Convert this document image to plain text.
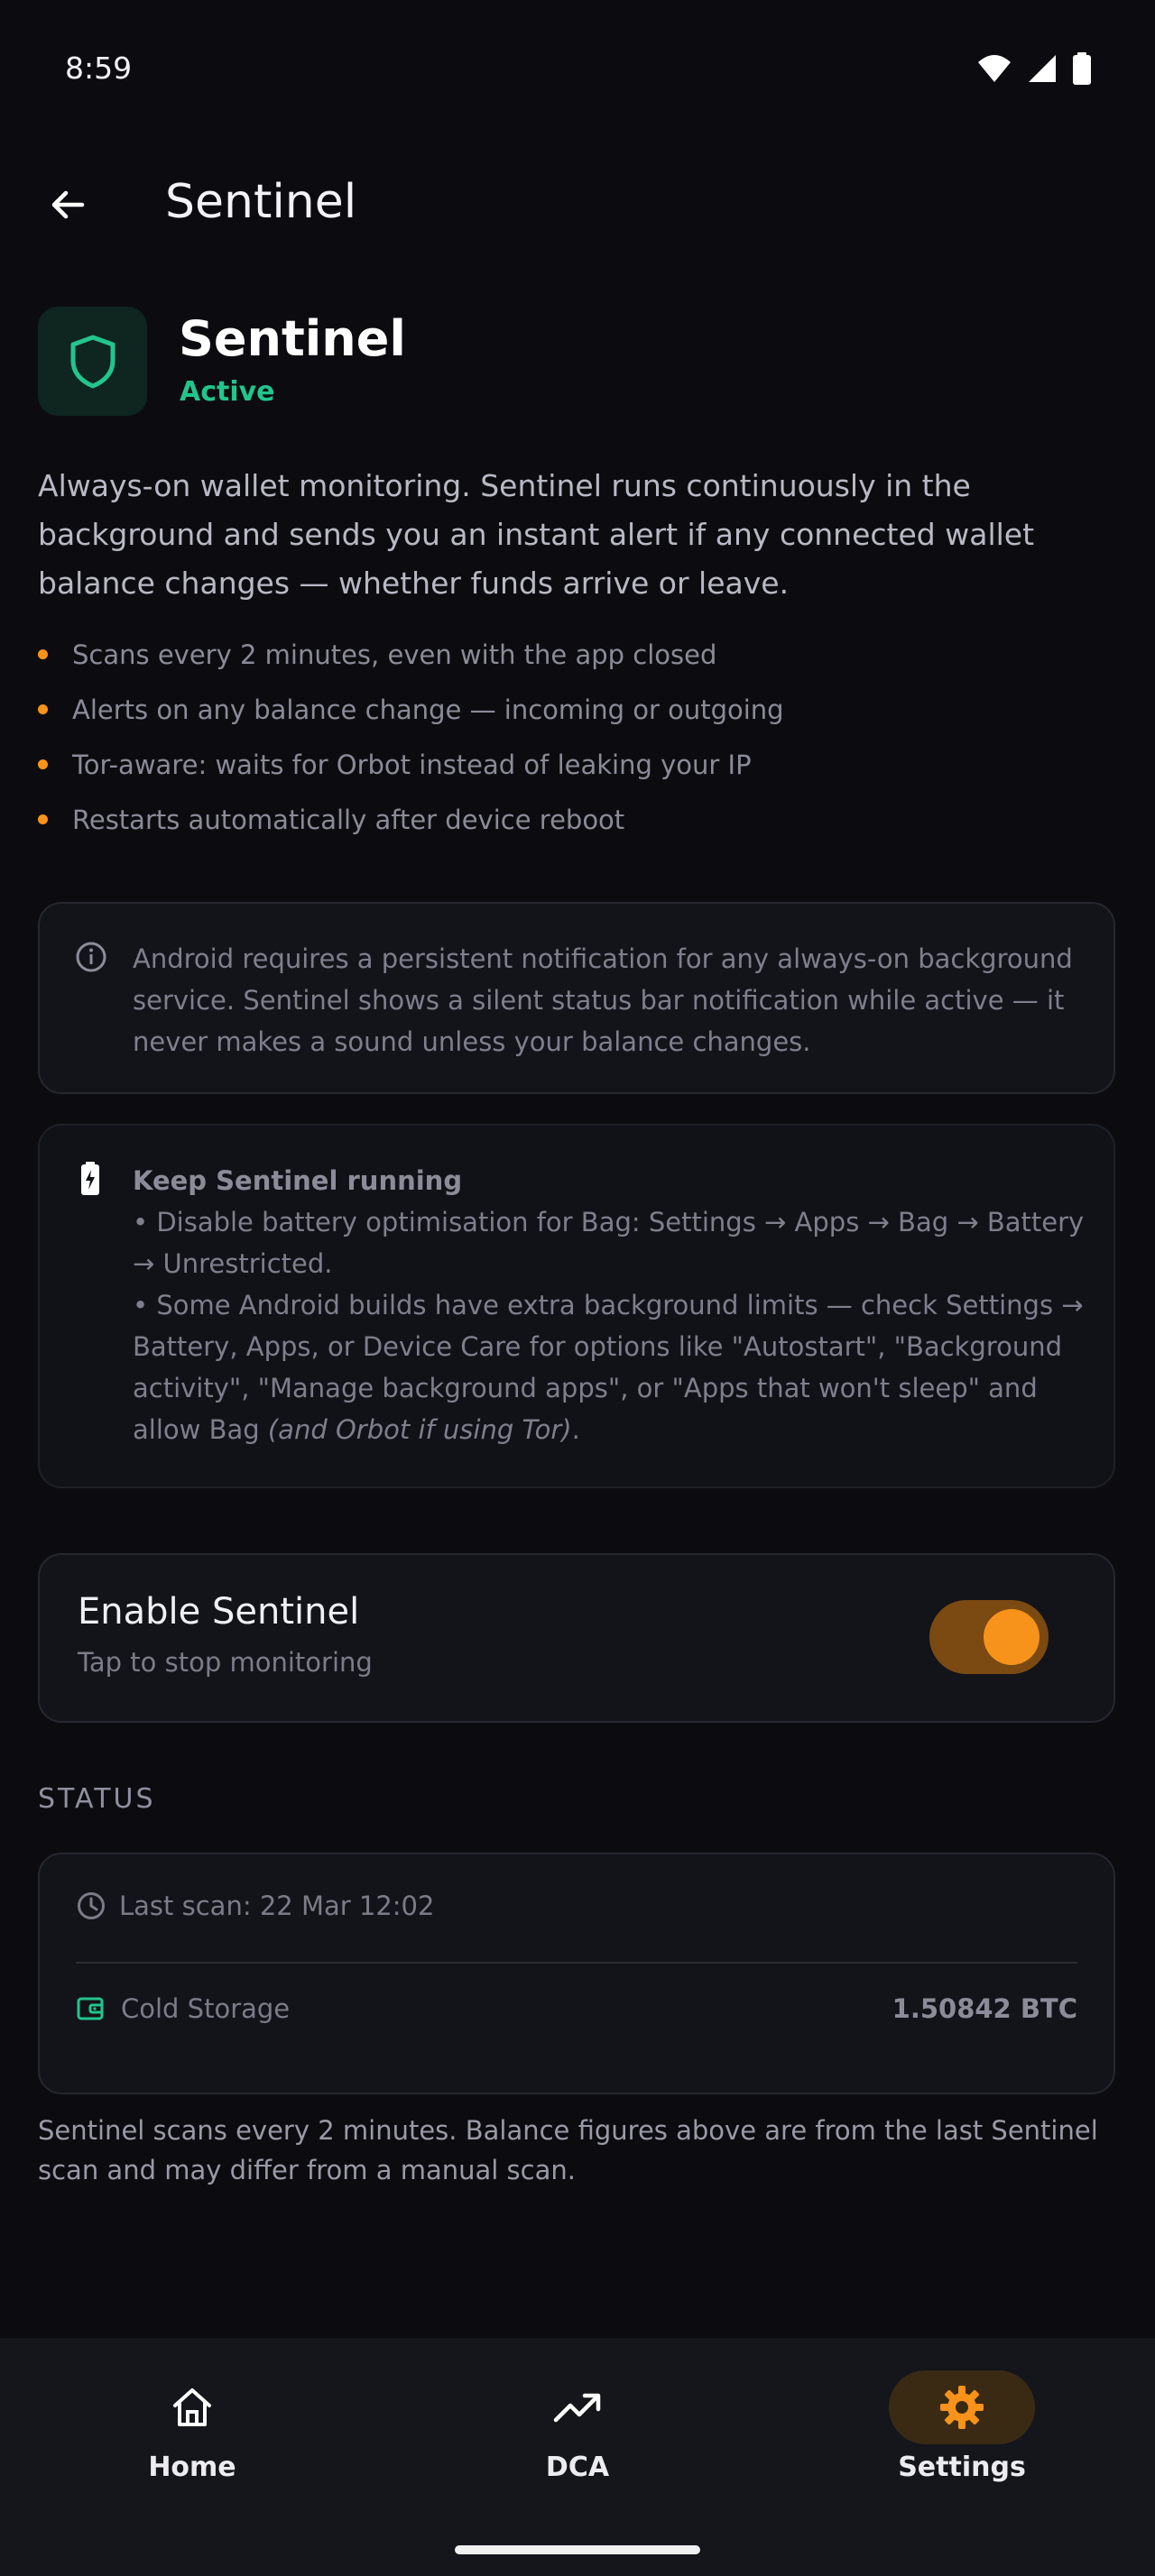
8:59
Sentinel
Sentinel
Active
Always-on wallet monitoring. Sentinel runs continuously in the background and sends you an instant alert if any connected wallet balance changes — whether funds arrive or leave.
Scans every 2 minutes, even with the app closed
Alerts on any balance change — incoming or outgoing
Tor-aware: waits for Orbot instead of leaking your IP
Restarts automatically after device reboot
Android requires a persistent notification for any always-on background service. Sentinel shows a silent status bar notification while active — it never makes a sound unless your balance changes.
Keep Sentinel running

• Disable battery optimisation for Bag: Settings → Apps → Bag → Battery → Unrestricted.

• Some Android builds have extra background limits — check Settings → Battery, Apps, or Device Care for options like "Autostart", "Background activity", "Manage background apps", or "Apps that won't sleep" and allow Bag (and Orbot if using Tor).

Enable Sentinel
Tap to stop monitoring
STATUS
Last scan: 22 Mar 12:02
Cold Storage	1.50842 BTC
Sentinel scans every 2 minutes. Balance figures above are from the last Sentinel scan and may differ from a manual scan.
Home	DCA	Settings
